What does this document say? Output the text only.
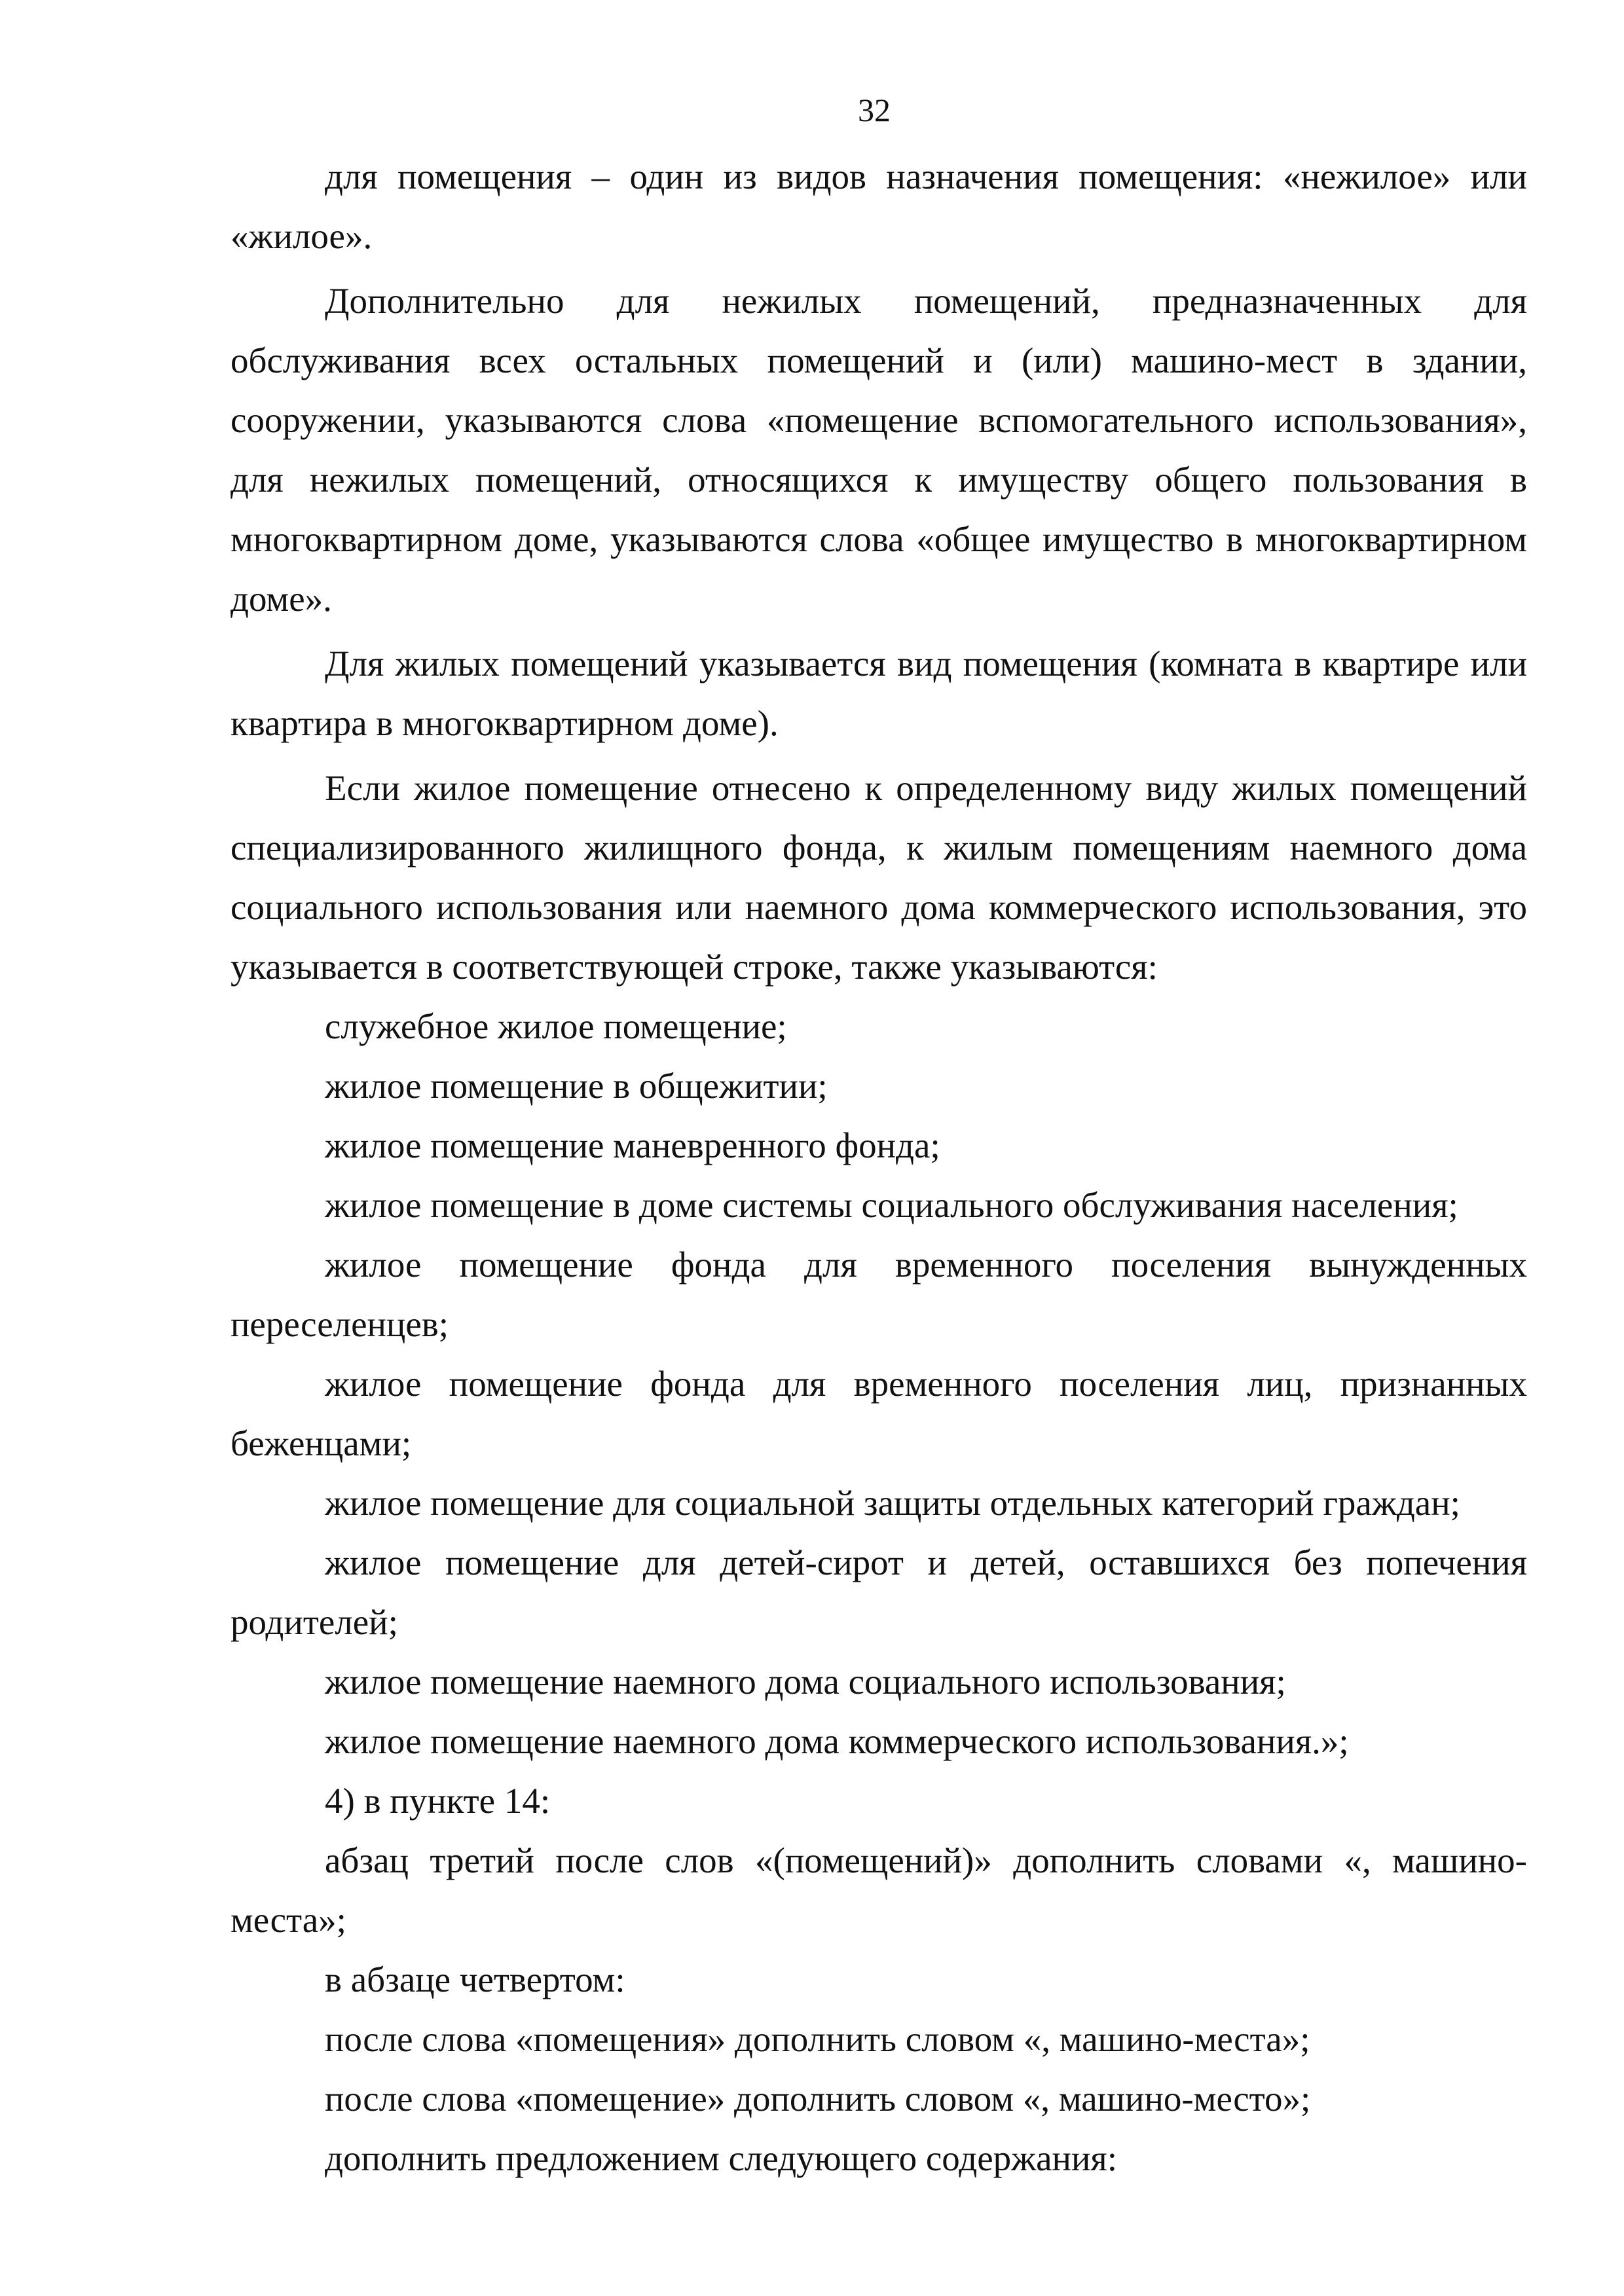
32

для помещения – один из видов назначения помещения: «нежилое» или «жилое».

Дополнительно для нежилых помещений, предназначенных для обслуживания всех остальных помещений и (или) машино-мест в здании, сооружении, указываются слова «помещение вспомогательного использования», для нежилых помещений, относящихся к имуществу общего пользования в многоквартирном доме, указываются слова «общее имущество в многоквартирном доме».

Для жилых помещений указывается вид помещения (комната в квартире или квартира в многоквартирном доме).

Если жилое помещение отнесено к определенному виду жилых помещений специализированного жилищного фонда, к жилым помещениям наемного дома социального использования или наемного дома коммерческого использования, это указывается в соответствующей строке, также указываются:

служебное жилое помещение;

жилое помещение в общежитии;

жилое помещение маневренного фонда;

жилое помещение в доме системы социального обслуживания населения;

жилое помещение фонда для временного поселения вынужденных переселенцев;

жилое помещение фонда для временного поселения лиц, признанных беженцами;

жилое помещение для социальной защиты отдельных категорий граждан;

жилое помещение для детей-сирот и детей, оставшихся без попечения родителей;

жилое помещение наемного дома социального использования;

жилое помещение наемного дома коммерческого использования.»;

4) в пункте 14:

абзац третий после слов «(помещений)» дополнить словами «, машино-места»;

в абзаце четвертом:

после слова «помещения» дополнить словом «, машино-места»;

после слова «помещение» дополнить словом «, машино-место»;

дополнить предложением следующего содержания:
